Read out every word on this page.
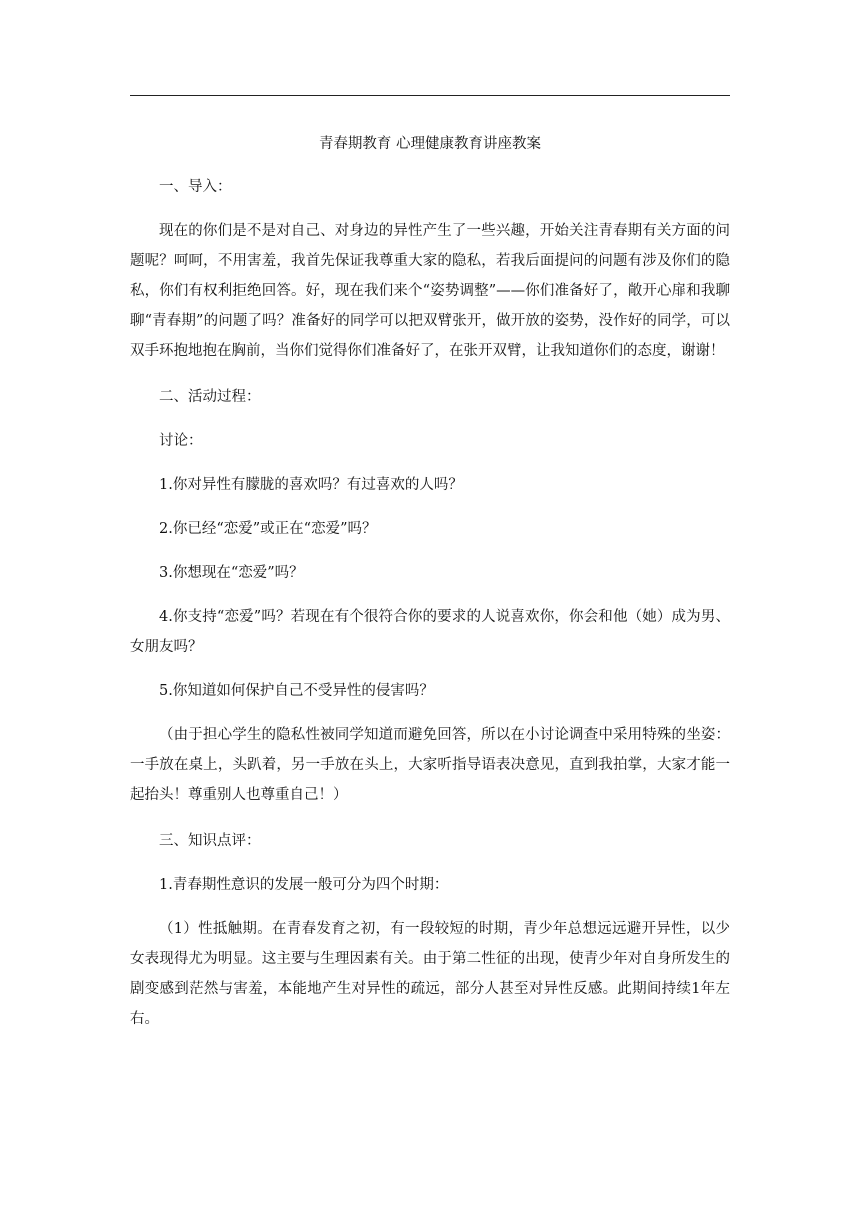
青春期教育 心理健康教育讲座教案

一、导入：

现在的你们是不是对自己、对身边的异性产生了一些兴趣，开始关注青春期有关方面的问题呢？呵呵，不用害羞，我首先保证我尊重大家的隐私，若我后面提问的问题有涉及你们的隐私，你们有权利拒绝回答。好，现在我们来个“姿势调整”——你们准备好了，敞开心扉和我聊聊“青春期”的问题了吗？准备好的同学可以把双臂张开，做开放的姿势，没作好的同学，可以双手环抱地抱在胸前，当你们觉得你们准备好了，在张开双臂，让我知道你们的态度，谢谢！

二、活动过程：

讨论：

1.你对异性有朦胧的喜欢吗？有过喜欢的人吗？

2.你已经“恋爱”或正在“恋爱”吗？

3.你想现在“恋爱”吗？

4.你支持“恋爱”吗？若现在有个很符合你的要求的人说喜欢你，你会和他（她）成为男、女朋友吗？

5.你知道如何保护自己不受异性的侵害吗？

（由于担心学生的隐私性被同学知道而避免回答，所以在小讨论调查中采用特殊的坐姿：一手放在桌上，头趴着，另一手放在头上，大家听指导语表决意见，直到我拍掌，大家才能一起抬头！尊重别人也尊重自己！）

三、知识点评：

1.青春期性意识的发展一般可分为四个时期：

（1）性抵触期。在青春发育之初，有一段较短的时期，青少年总想远远避开异性，以少女表现得尤为明显。这主要与生理因素有关。由于第二性征的出现，使青少年对自身所发生的剧变感到茫然与害羞，本能地产生对异性的疏远，部分人甚至对异性反感。此期间持续1年左右。
